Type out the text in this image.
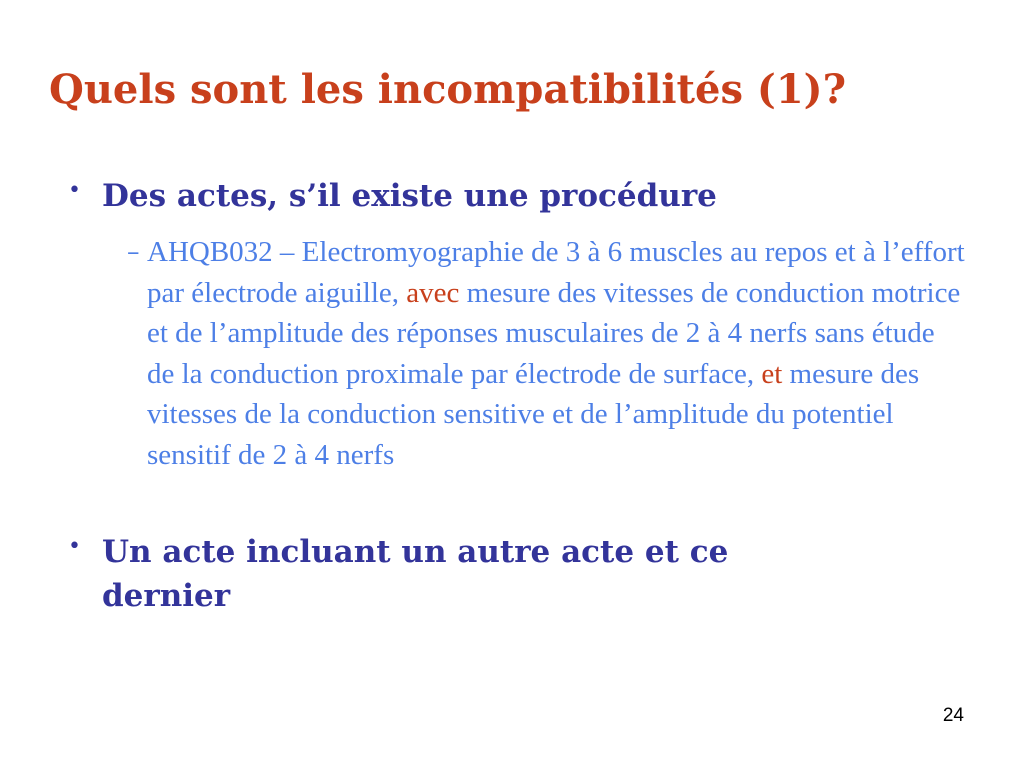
Quels sont les incompatibilités (1)?
• Des actes, s’il existe une procédure
– AHQB032 – Electromyographie de 3 à 6 muscles au repos et à l’effort par électrode aiguille, avec mesure des vitesses de conduction motrice et de l’amplitude des réponses musculaires de 2 à 4 nerfs sans étude de la conduction proximale par électrode de surface, et mesure des vitesses de la conduction sensitive et de l’amplitude du potentiel sensitif de 2 à 4 nerfs
• Un acte incluant un autre acte et ce dernier
24
